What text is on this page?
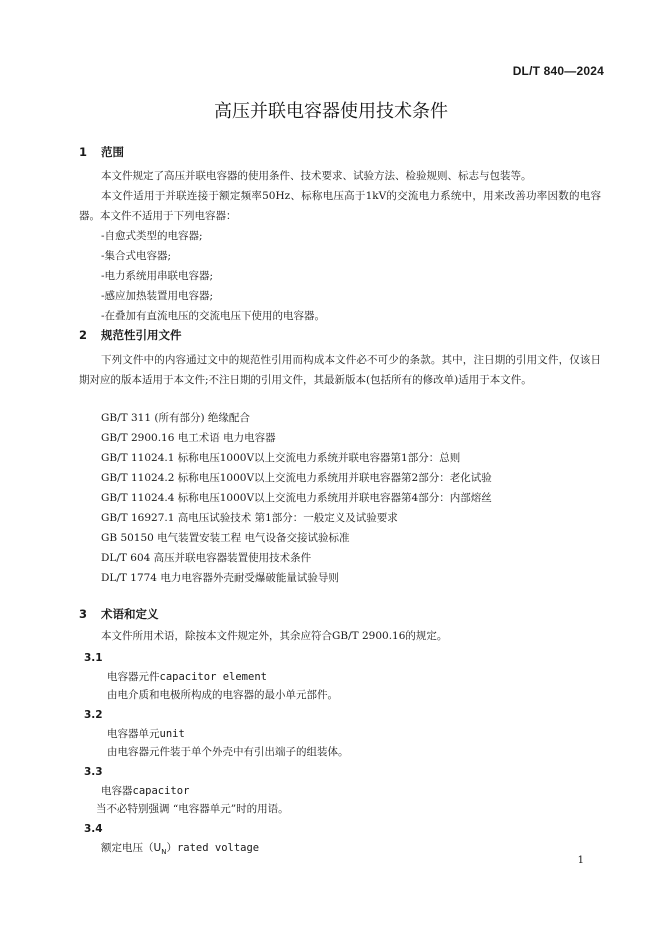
DL/T 840—2024
高压并联电容器使用技术条件
1 范围
本文件规定了高压并联电容器的使用条件、技术要求、试验方法、检验规则、标志与包装等。
本文件适用于并联连接于额定频率50Hz、标称电压高于1kV的交流电力系统中，用来改善功率因数的电容器。本文件不适用于下列电容器：
-自愈式类型的电容器;
-集合式电容器;
-电力系统用串联电容器;
-感应加热装置用电容器;
-在叠加有直流电压的交流电压下使用的电容器。
2 规范性引用文件
下列文件中的内容通过文中的规范性引用而构成本文件必不可少的条款。其中，注日期的引用文件，仅该日期对应的版本适用于本文件;不注日期的引用文件，其最新版本(包括所有的修改单)适用于本文件。
GB/T 311 (所有部分) 绝缘配合
GB/T 2900.16 电工术语 电力电容器
GB/T 11024.1 标称电压1000V以上交流电力系统并联电容器第1部分：总则
GB/T 11024.2 标称电压1000V以上交流电力系统用并联电容器第2部分：老化试验
GB/T 11024.4 标称电压1000V以上交流电力系统用并联电容器第4部分：内部熔丝
GB/T 16927.1 高电压试验技术 第1部分：一般定义及试验要求
GB 50150 电气装置安装工程 电气设备交接试验标准
DL/T 604 高压并联电容器装置使用技术条件
DL/T 1774 电力电容器外壳耐受爆破能量试验导则
3 术语和定义
本文件所用术语，除按本文件规定外，其余应符合GB/T 2900.16的规定。
3.1
电容器元件capacitor element
由电介质和电极所构成的电容器的最小单元部件。
3.2
电容器单元unit
由电容器元件装于单个外壳中有引出端子的组装体。
3.3
电容器capacitor
当不必特别强调 “电容器单元”时的用语。
3.4
额定电压$(U_N)rated$ voltage
1
